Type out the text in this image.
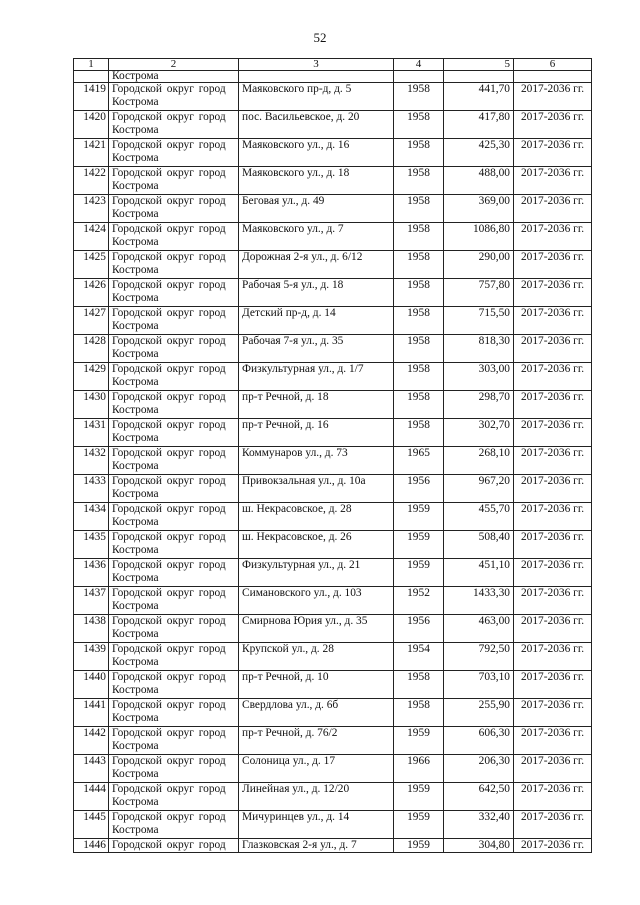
52
1	2	3	4	5	6
	Кострома				
1419	Городской округ город Кострома	Маяковского пр-д, д. 5	1958	441,70	2017-2036 гг.
1420	Городской округ город Кострома	пос. Васильевское, д. 20	1958	417,80	2017-2036 гг.
1421	Городской округ город Кострома	Маяковского ул., д. 16	1958	425,30	2017-2036 гг.
1422	Городской округ город Кострома	Маяковского ул., д. 18	1958	488,00	2017-2036 гг.
1423	Городской округ город Кострома	Беговая ул., д. 49	1958	369,00	2017-2036 гг.
1424	Городской округ город Кострома	Маяковского ул., д. 7	1958	1086,80	2017-2036 гг.
1425	Городской округ город Кострома	Дорожная 2-я ул., д. 6/12	1958	290,00	2017-2036 гг.
1426	Городской округ город Кострома	Рабочая 5-я ул., д. 18	1958	757,80	2017-2036 гг.
1427	Городской округ город Кострома	Детский пр-д, д. 14	1958	715,50	2017-2036 гг.
1428	Городской округ город Кострома	Рабочая 7-я ул., д. 35	1958	818,30	2017-2036 гг.
1429	Городской округ город Кострома	Физкультурная ул., д. 1/7	1958	303,00	2017-2036 гг.
1430	Городской округ город Кострома	пр-т Речной, д. 18	1958	298,70	2017-2036 гг.
1431	Городской округ город Кострома	пр-т Речной, д. 16	1958	302,70	2017-2036 гг.
1432	Городской округ город Кострома	Коммунаров ул., д. 73	1965	268,10	2017-2036 гг.
1433	Городской округ город Кострома	Привокзальная ул., д. 10а	1956	967,20	2017-2036 гг.
1434	Городской округ город Кострома	ш. Некрасовское, д. 28	1959	455,70	2017-2036 гг.
1435	Городской округ город Кострома	ш. Некрасовское, д. 26	1959	508,40	2017-2036 гг.
1436	Городской округ город Кострома	Физкультурная ул., д. 21	1959	451,10	2017-2036 гг.
1437	Городской округ город Кострома	Симановского ул., д. 103	1952	1433,30	2017-2036 гг.
1438	Городской округ город Кострома	Смирнова Юрия ул., д. 35	1956	463,00	2017-2036 гг.
1439	Городской округ город Кострома	Крупской ул., д. 28	1954	792,50	2017-2036 гг.
1440	Городской округ город Кострома	пр-т Речной, д. 10	1958	703,10	2017-2036 гг.
1441	Городской округ город Кострома	Свердлова ул., д. 6б	1958	255,90	2017-2036 гг.
1442	Городской округ город Кострома	пр-т Речной, д. 76/2	1959	606,30	2017-2036 гг.
1443	Городской округ город Кострома	Солоница ул., д. 17	1966	206,30	2017-2036 гг.
1444	Городской округ город Кострома	Линейная ул., д. 12/20	1959	642,50	2017-2036 гг.
1445	Городской округ город Кострома	Мичуринцев ул., д. 14	1959	332,40	2017-2036 гг.
1446	Городской округ город	Глазковская 2-я ул., д. 7	1959	304,80	2017-2036 гг.
